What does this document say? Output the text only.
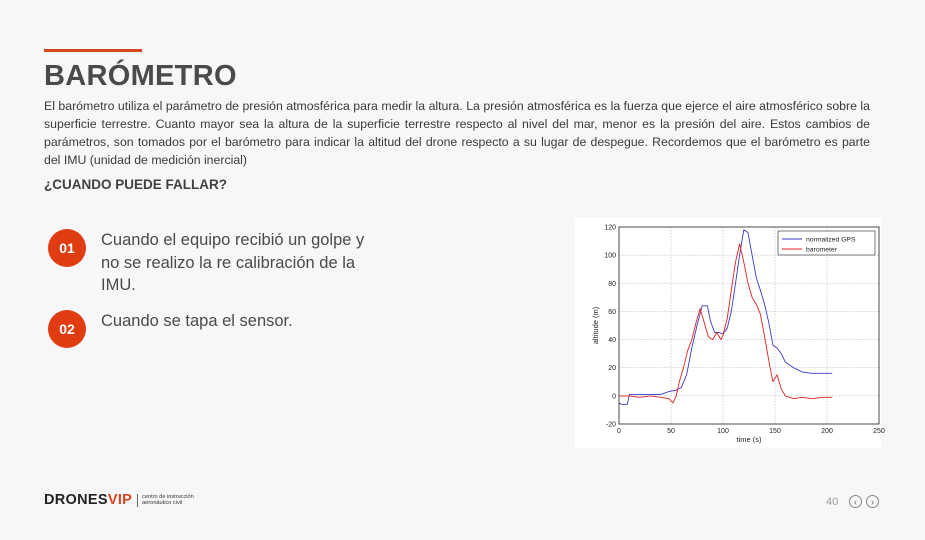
BARÓMETRO

El barómetro utiliza el parámetro de presión atmosférica para medir la altura. La presión atmosférica es la fuerza que ejerce el aire atmosférico sobre la superficie terrestre. Cuanto mayor sea la altura de la superficie terrestre respecto al nivel del mar, menor es la presión del aire. Estos cambios de parámetros, son tomados por el barómetro para indicar la altitud del drone respecto a su lugar de despegue. Recordemos que el barómetro es parte del IMU (unidad de medición inercial)

¿CUANDO PUEDE FALLAR?

01	Cuando el equipo recibió un golpe y no se realizo la re calibración de la IMU.
02	Cuando se tapa el sensor.
0	50	100	150	200	250
-20
0
20
40
60
80
100
120
time (s)
altitude (m)
normalized GPS
barometer
DRONESVIP	centro de instrucción aeronáutico civil	40	‹	›
